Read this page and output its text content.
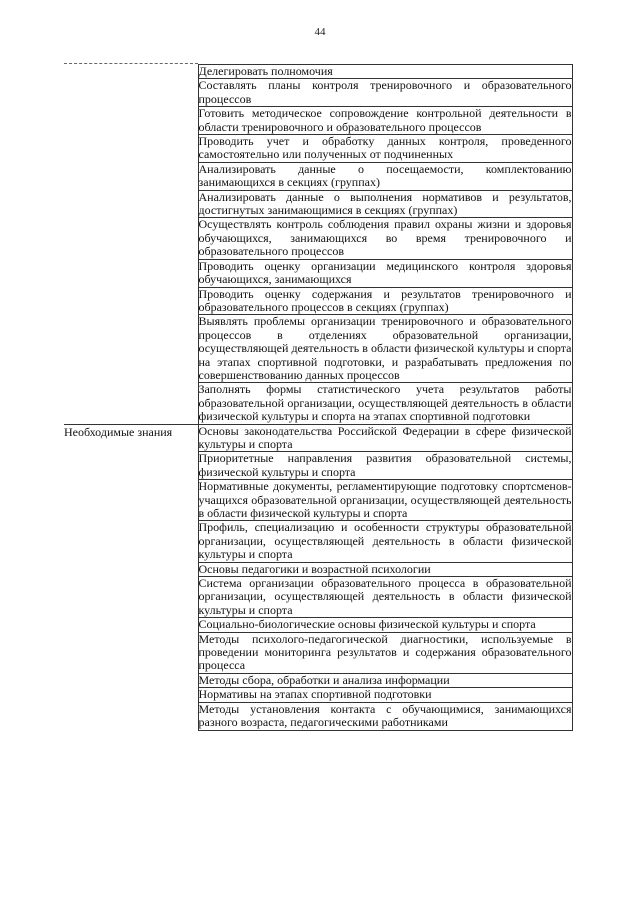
44
	Делегировать полномочия
	Составлять планы контроля тренировочного и образовательного процессов
	Готовить методическое сопровождение контрольной деятельности в области тренировочного и образовательного процессов
	Проводить учет и обработку данных контроля, проведенного самостоятельно или полученных от подчиненных
	Анализировать данные о посещаемости, комплектованию занимающихся в секциях (группах)
	Анализировать данные о выполнения нормативов и результатов, достигнутых занимающимися в секциях (группах)
	Осуществлять контроль соблюдения правил охраны жизни и здоровья обучающихся, занимающихся во время тренировочного и образовательного процессов
	Проводить оценку организации медицинского контроля здоровья обучающихся, занимающихся
	Проводить оценку содержания и результатов тренировочного и образовательного процессов в секциях (группах)
	Выявлять проблемы организации тренировочного и образовательного процессов в отделениях образовательной организации, осуществляющей деятельность в области физической культуры и спорта на этапах спортивной подготовки, и разрабатывать предложения по совершенствованию данных процессов
	Заполнять формы статистического учета результатов работы образовательной организации, осуществляющей деятельность в области физической культуры и спорта на этапах спортивной подготовки
Необходимые знания	Основы законодательства Российской Федерации в сфере физической культуры и спорта
	Приоритетные направления развития образовательной системы, физической культуры и спорта
	Нормативные документы, регламентирующие подготовку спортсменов-учащихся образовательной организации, осуществляющей деятельность в области физической культуры и спорта
	Профиль, специализацию и особенности структуры образовательной организации, осуществляющей деятельность в области физической культуры и спорта
	Основы педагогики и возрастной психологии
	Система организации образовательного процесса в образовательной организации, осуществляющей деятельность в области физической культуры и спорта
	Социально-биологические основы физической культуры и спорта
	Методы психолого-педагогической диагностики, используемые в проведении мониторинга результатов и содержания образовательного процесса
	Методы сбора, обработки и анализа информации
	Нормативы на этапах спортивной подготовки
	Методы установления контакта с обучающимися, занимающихся разного возраста, педагогическими работниками
